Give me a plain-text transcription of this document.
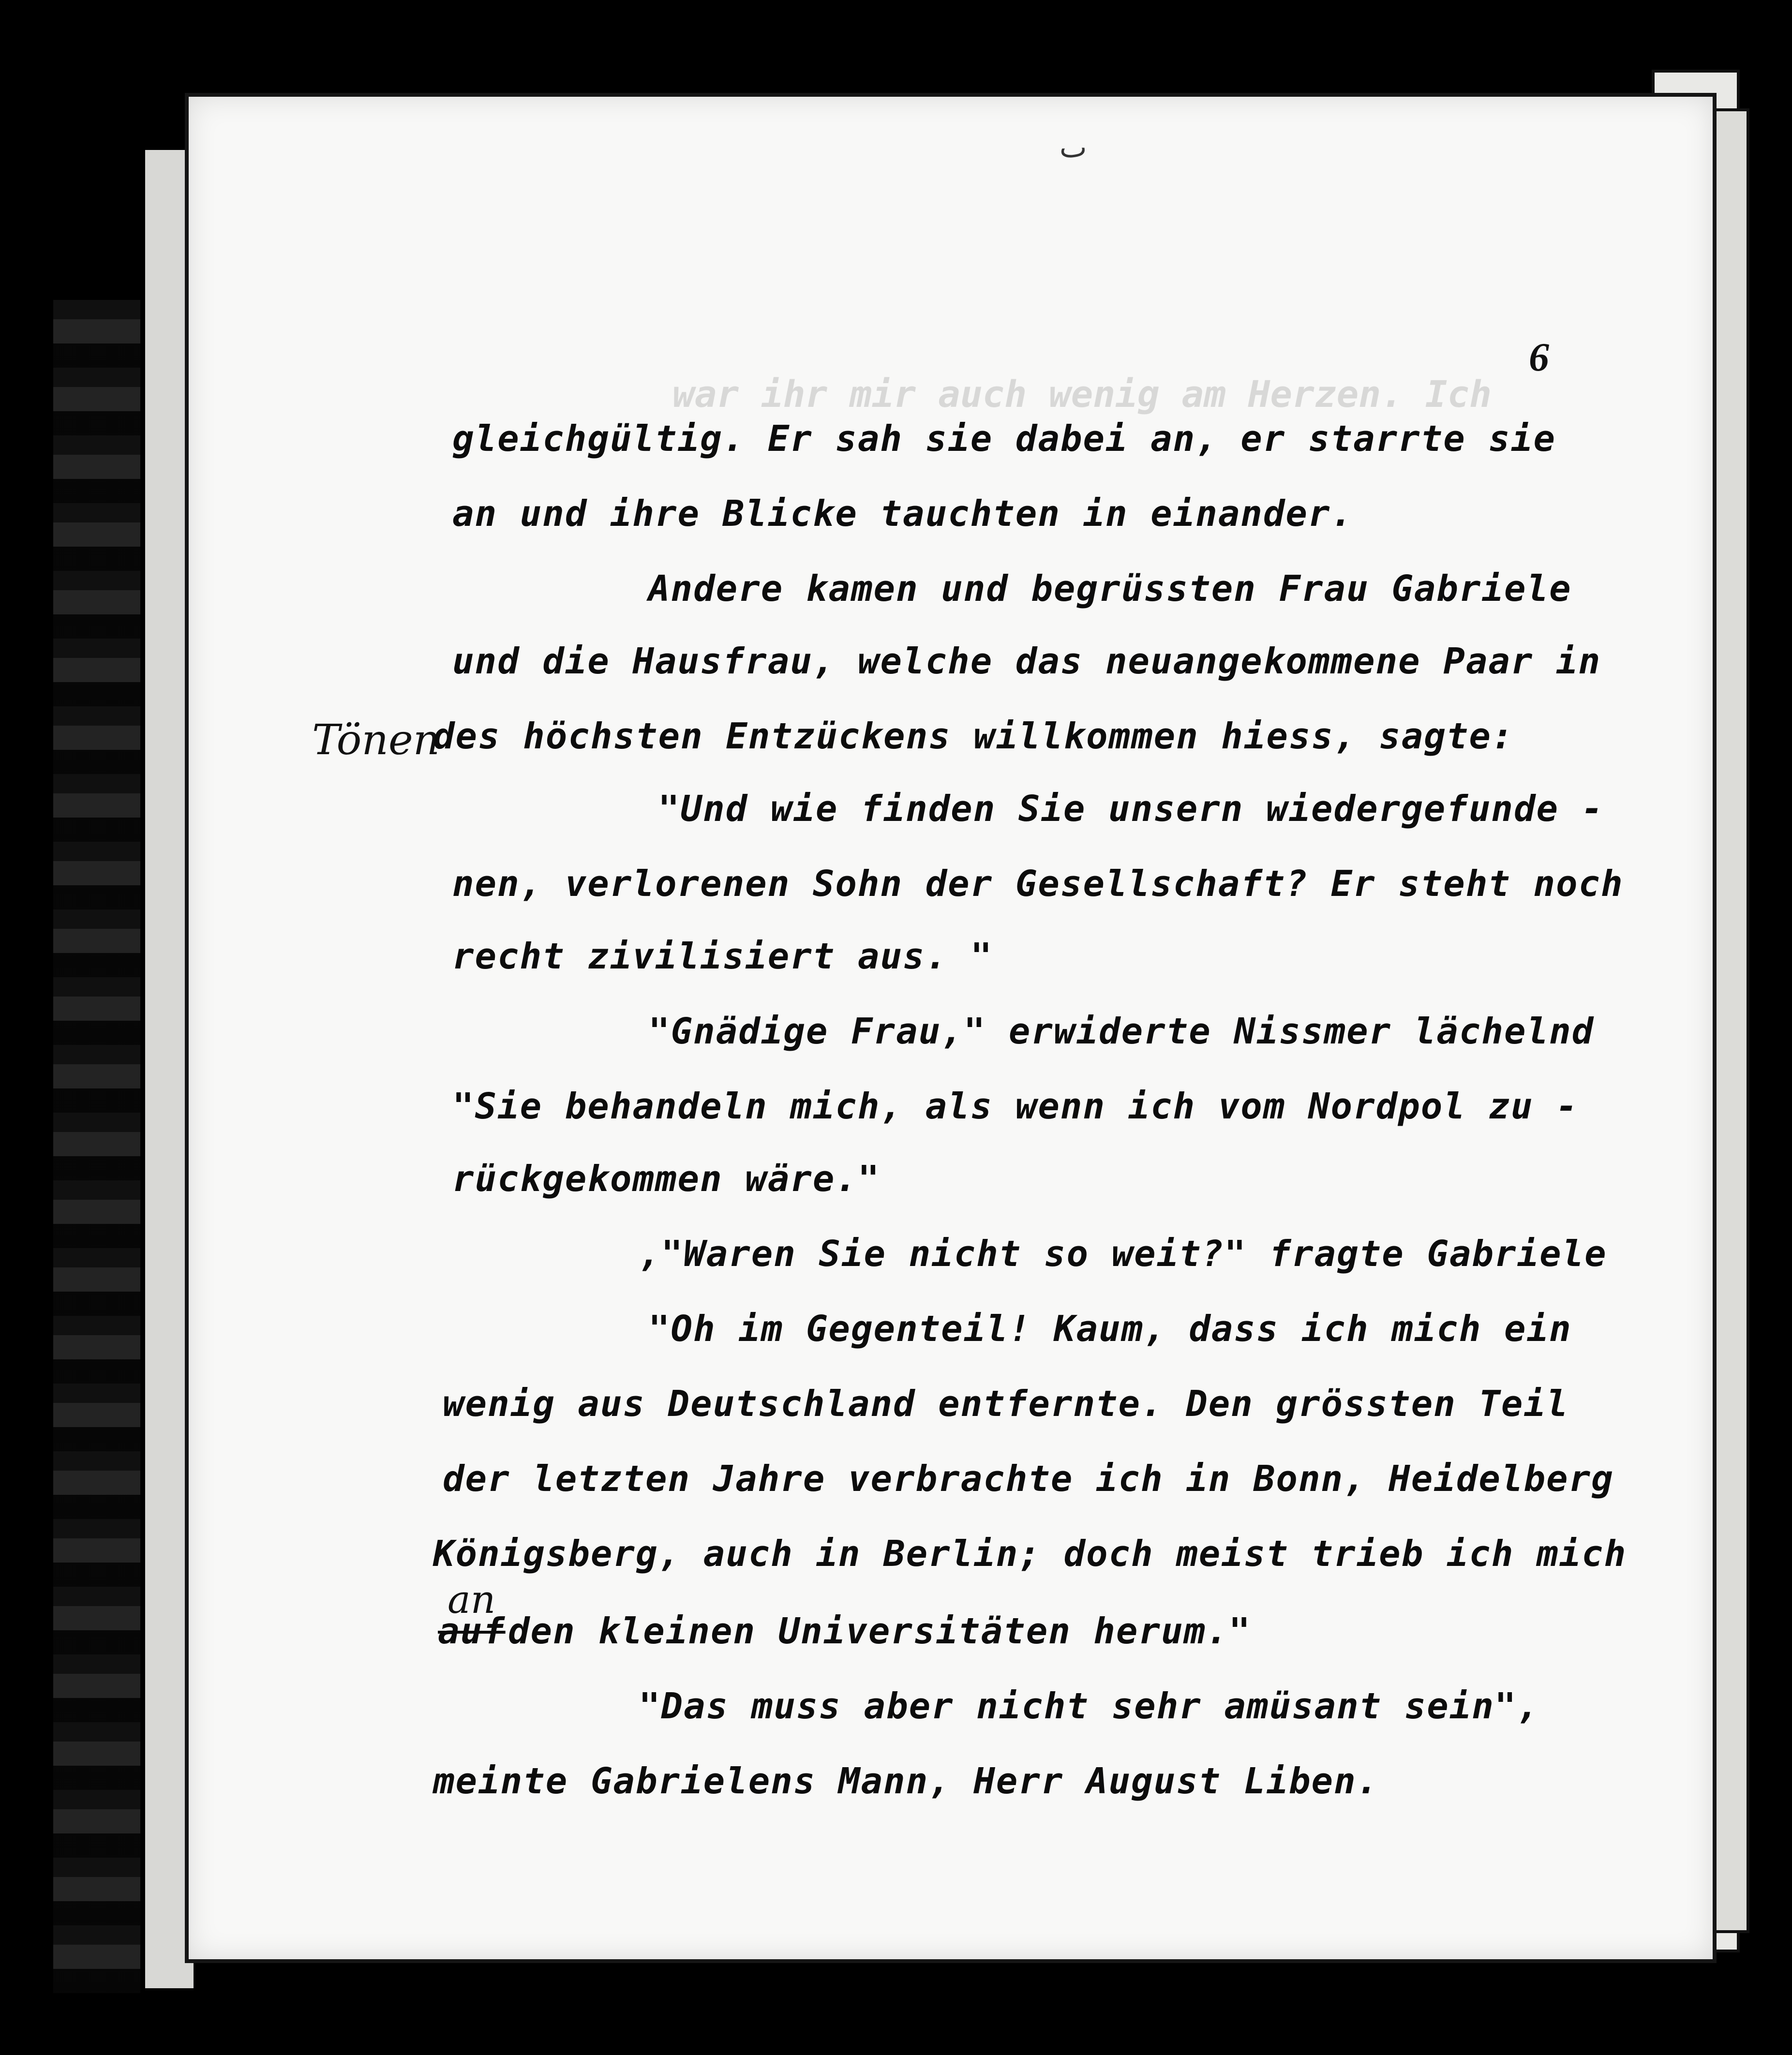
war ihr mir auch wenig am Herzen. Ich
ٮ
6
gleichgültig. Er sah sie dabei an, er starrte sie
an und ihre Blicke tauchten in einander.
Andere kamen und begrüssten Frau Gabriele
und die Hausfrau, welche das neuangekommene Paar in
Tönen
des höchsten Entzückens willkommen hiess, sagte:
"Und wie finden Sie unsern wiedergefunde -
nen, verlorenen Sohn der Gesellschaft? Er steht noch
recht zivilisiert aus. "
"Gnädige Frau," erwiderte Nissmer lächelnd
"Sie behandeln mich, als wenn ich vom Nordpol zu -
rückgekommen wäre."
,"Waren Sie nicht so weit?" fragte Gabriele
"Oh im Gegenteil! Kaum, dass ich mich ein
wenig aus Deutschland entfernte. Den grössten Teil
der letzten Jahre verbrachte ich in Bonn, Heidelberg
Königsberg, auch in Berlin; doch meist trieb ich mich
an
auf den kleinen Universitäten herum."
"Das muss aber nicht sehr amüsant sein",
meinte Gabrielens Mann, Herr August Liben.
